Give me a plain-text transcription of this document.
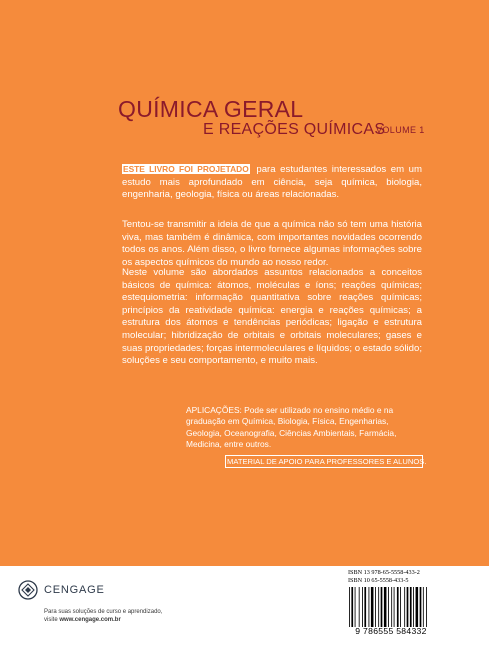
QUÍMICA GERAL
E REAÇÕES QUÍMICAS
VOLUME 1
ESTE LIVRO FOI PROJETADO para estudantes interessados em um estudo mais aprofundado em ciência, seja química, biologia, engenharia, geologia, física ou áreas relacionadas.
Tentou-se transmitir a ideia de que a química não só tem uma história viva, mas também é dinâmica, com importantes novidades ocorrendo todos os anos. Além disso, o livro fornece algumas informações sobre os aspectos químicos do mundo ao nosso redor.
Neste volume são abordados assuntos relacionados a conceitos básicos de química: átomos, moléculas e íons; reações químicas; estequiometria: informação quantitativa sobre reações químicas; princípios da reatividade química: energia e reações químicas; a estrutura dos átomos e tendências periódicas; ligação e estrutura molecular; hibridização de orbitais e orbitais moleculares; gases e suas propriedades; forças intermoleculares e líquidos; o estado sólido; soluções e seu comportamento, e muito mais.
APLICAÇÕES: Pode ser utilizado no ensino médio e na graduação em Química, Biologia, Física, Engenharias, Geologia, Oceanografia, Ciências Ambientais, Farmácia, Medicina, entre outros.
MATERIAL DE APOIO PARA PROFESSORES E ALUNOS.
CENGAGE
Para suas soluções de curso e aprendizado,
visite www.cengage.com.br
ISBN 13 978-65-5558-433-2
ISBN 10 65-5558-433-5
9 786555 584332
